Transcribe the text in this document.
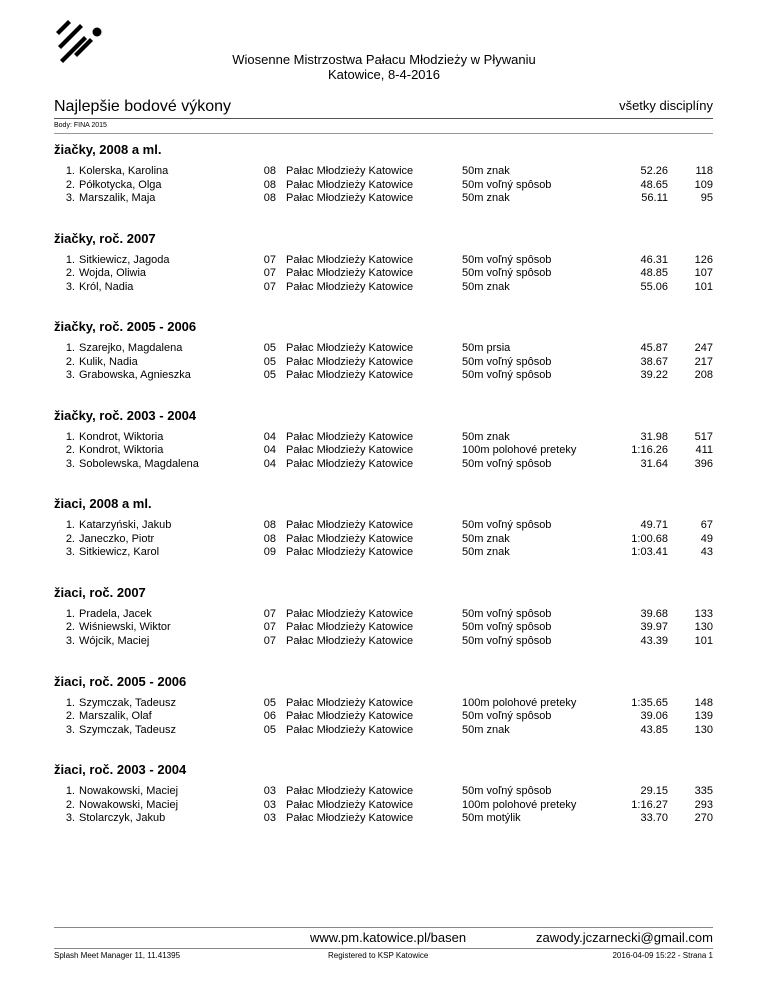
Wiosenne Mistrzostwa Pałacu Młodzieży w Pływaniu
Katowice, 8-4-2016
Najlepšie bodové výkony	všetky disciplíny
Body: FINA 2015
žiačky, 2008 a ml.
1. Kolerska, Karolina	08 Pałac Młodzieży Katowice	50m znak	52.26	118
2. Półkotycka, Olga	08 Pałac Młodzieży Katowice	50m voľný spôsob	48.65	109
3. Marszalik, Maja	08 Pałac Młodzieży Katowice	50m znak	56.11	95
žiačky, roč. 2007
1. Sitkiewicz, Jagoda	07 Pałac Młodzieży Katowice	50m voľný spôsob	46.31	126
2. Wojda, Oliwia	07 Pałac Młodzieży Katowice	50m voľný spôsob	48.85	107
3. Król, Nadia	07 Pałac Młodzieży Katowice	50m znak	55.06	101
žiačky, roč. 2005 - 2006
1. Szarejko, Magdalena	05 Pałac Młodzieży Katowice	50m prsia	45.87	247
2. Kulik, Nadia	05 Pałac Młodzieży Katowice	50m voľný spôsob	38.67	217
3. Grabowska, Agnieszka	05 Pałac Młodzieży Katowice	50m voľný spôsob	39.22	208
žiačky, roč. 2003 - 2004
1. Kondrot, Wiktoria	04 Pałac Młodzieży Katowice	50m znak	31.98	517
2. Kondrot, Wiktoria	04 Pałac Młodzieży Katowice	100m polohové preteky	1:16.26	411
3. Sobolewska, Magdalena	04 Pałac Młodzieży Katowice	50m voľný spôsob	31.64	396
žiaci, 2008 a ml.
1. Katarzyński, Jakub	08 Pałac Młodzieży Katowice	50m voľný spôsob	49.71	67
2. Janeczko, Piotr	08 Pałac Młodzieży Katowice	50m znak	1:00.68	49
3. Sitkiewicz, Karol	09 Pałac Młodzieży Katowice	50m znak	1:03.41	43
žiaci, roč. 2007
1. Pradela, Jacek	07 Pałac Młodzieży Katowice	50m voľný spôsob	39.68	133
2. Wiśniewski, Wiktor	07 Pałac Młodzieży Katowice	50m voľný spôsob	39.97	130
3. Wójcik, Maciej	07 Pałac Młodzieży Katowice	50m voľný spôsob	43.39	101
žiaci, roč. 2005 - 2006
1. Szymczak, Tadeusz	05 Pałac Młodzieży Katowice	100m polohové preteky	1:35.65	148
2. Marszalik, Olaf	06 Pałac Młodzieży Katowice	50m voľný spôsob	39.06	139
3. Szymczak, Tadeusz	05 Pałac Młodzieży Katowice	50m znak	43.85	130
žiaci, roč. 2003 - 2004
1. Nowakowski, Maciej	03 Pałac Młodzieży Katowice	50m voľný spôsob	29.15	335
2. Nowakowski, Maciej	03 Pałac Młodzieży Katowice	100m polohové preteky	1:16.27	293
3. Stolarczyk, Jakub	03 Pałac Młodzieży Katowice	50m motýlik	33.70	270
www.pm.katowice.pl/basen	zawody.jczarnecki@gmail.com
Splash Meet Manager 11, 11.41395	Registered to KSP Katowice	2016-04-09 15:22 - Strana 1
